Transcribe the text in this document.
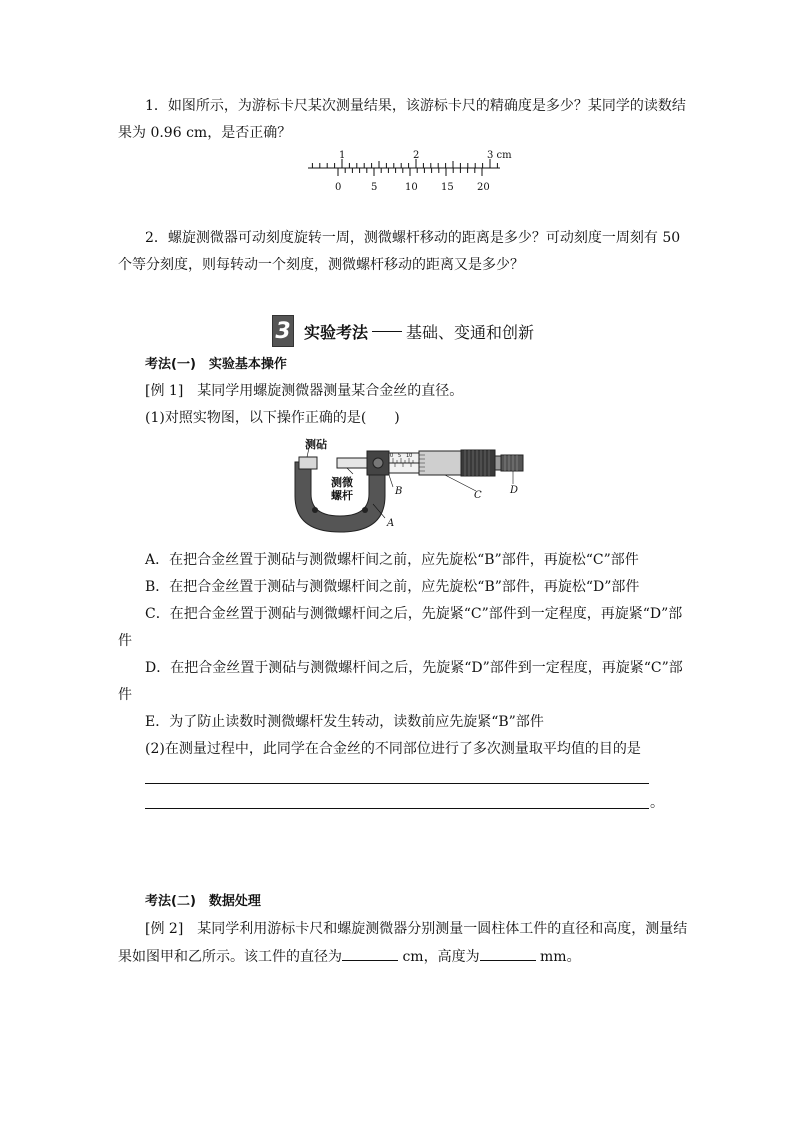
1．如图所示，为游标卡尺某次测量结果，该游标卡尺的精确度是多少？某同学的读数结
果为 0.96 cm，是否正确？
1	2	3 cm
0	5	10 15 20
2．螺旋测微器可动刻度旋转一周，测微螺杆移动的距离是多少？可动刻度一周刻有 50
个等分刻度，则每转动一个刻度，测微螺杆移动的距离又是多少？
3 实验考法 基础、变通和创新
考法(一)　实验基本操作
[例 1]　某同学用螺旋测微器测量某合金丝的直径。
(1)对照实物图，以下操作正确的是(　　)
0 5 10
测砧
测微
螺杆
A
B	C	D
A．在把合金丝置于测砧与测微螺杆间之前，应先旋松“B”部件，再旋松“C”部件
B．在把合金丝置于测砧与测微螺杆间之前，应先旋松“B”部件，再旋松“D”部件
C．在把合金丝置于测砧与测微螺杆间之后，先旋紧“C”部件到一定程度，再旋紧“D”部
件
D．在把合金丝置于测砧与测微螺杆间之后，先旋紧“D”部件到一定程度，再旋紧“C”部
件
E．为了防止读数时测微螺杆发生转动，读数前应先旋紧“B”部件
(2)在测量过程中，此同学在合金丝的不同部位进行了多次测量取平均值的目的是
。
考法(二)　数据处理
[例 2]　某同学利用游标卡尺和螺旋测微器分别测量一圆柱体工件的直径和高度，测量结
果如图甲和乙所示。该工件的直径为	cm，高度为	mm。
